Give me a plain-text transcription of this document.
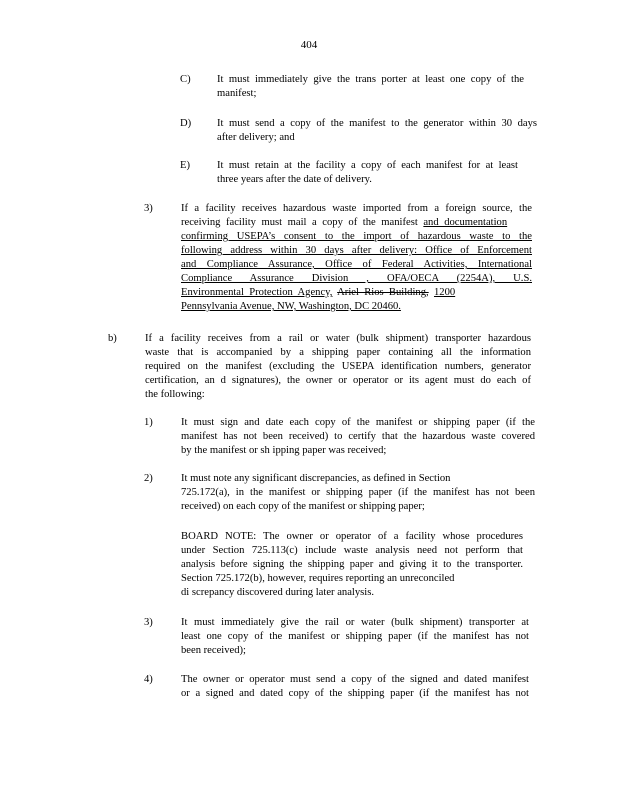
404
C) It must immediately give the trans porter at least one copy of the
manifest;
D) It must send a copy of the manifest to the generator within 30 days
after delivery; and
E)	It must retain at the facility a copy of each manifest for at least
three years after the date of delivery.
3)	If a facility receives hazardous waste imported from a foreign source, the
receiving facility must mail a copy of the manifest and documentation
confirming USEPA’s consent to the import of hazardous waste to the
following address within 30 days after delivery: Office of Enforcement
and Compliance Assurance, Office of Federal Activities, International
Compliance Assurance Division , OFA/OECA (2254A), U.S.
Environmental Protection Agency, Ariel Rios Building, 1200
Pennsylvania Avenue, NW, Washington, DC 20460.
b)	If a facility receives from a rail or water (bulk shipment) transporter hazardous
waste that is accompanied by a shipping paper containing all the information
required on the manifest (excluding the USEPA identification numbers, generator
certification, an d signatures), the owner or operator or its agent must do each of
the following:
1)	It must sign and date each copy of the manifest or shipping paper (if the
manifest has not been received) to certify that the hazardous waste covered
by the manifest or sh ipping paper was received;
2)	It must note any significant discrepancies, as defined in Section
725.172(a), in the manifest or shipping paper (if the manifest has not been
received) on each copy of the manifest or shipping paper;
BOARD NOTE: The owner or operator of a facility whose procedures
under Section 725.113(c) include waste analysis need not perform that
analysis before signing the shipping paper and giving it to the transporter.
Section 725.172(b), however, requires reporting an unreconciled
di screpancy discovered during later analysis.
3)	It must immediately give the rail or water (bulk shipment) transporter at
least one copy of the manifest or shipping paper (if the manifest has not
been received);
4)	The owner or operator must send a copy of the signed and dated manifest
or a signed and dated copy of the shipping paper (if the manifest has not
